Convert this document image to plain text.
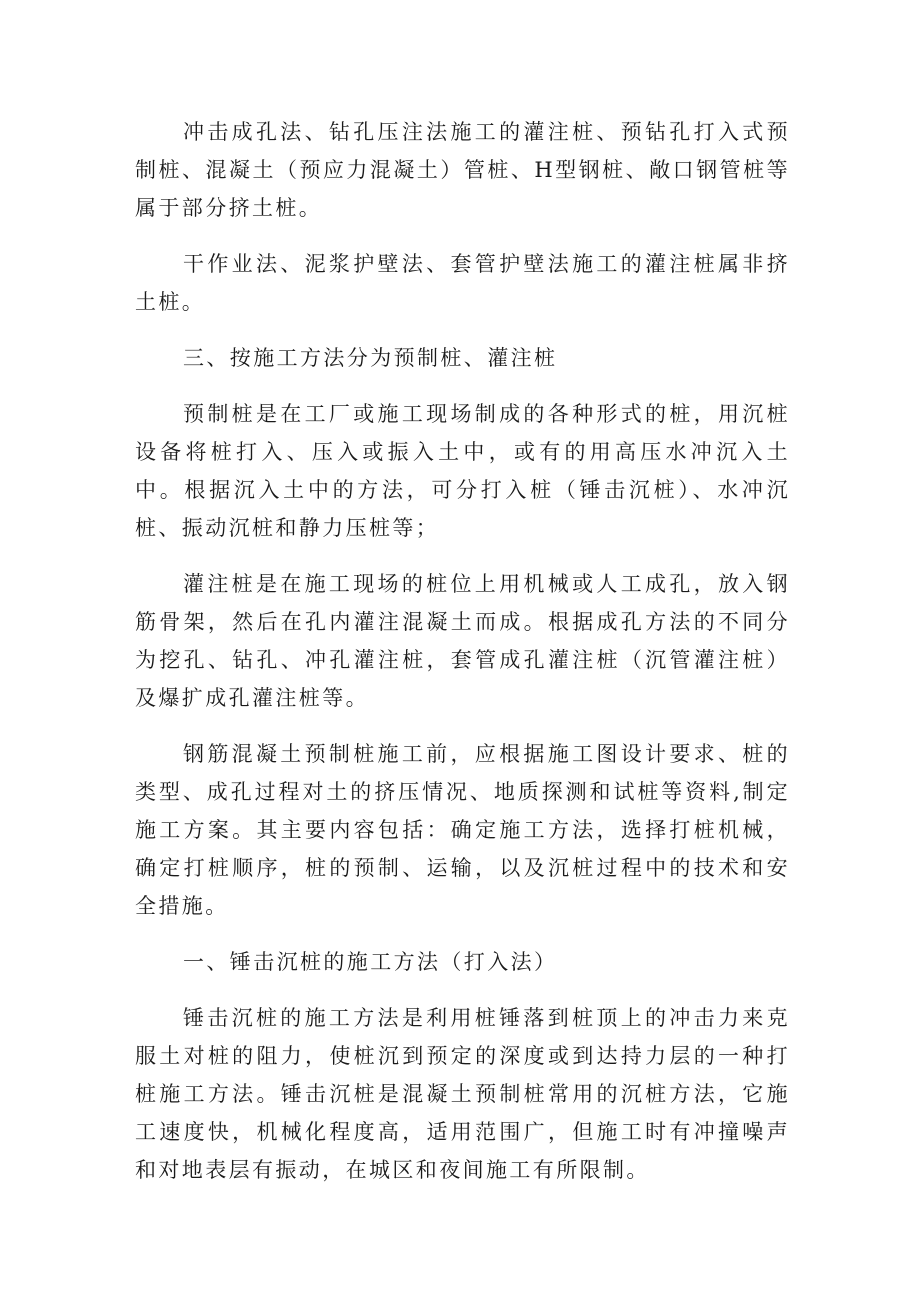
冲击成孔法、钻孔压注法施工的灌注桩、预钻孔打入式预制桩、混凝土（预应力混凝土）管桩、H型钢桩、敞口钢管桩等属于部分挤土桩。

干作业法、泥浆护壁法、套管护壁法施工的灌注桩属非挤土桩。

三、按施工方法分为预制桩、灌注桩

预制桩是在工厂或施工现场制成的各种形式的桩，用沉桩设备将桩打入、压入或振入土中，或有的用高压水冲沉入土中。根据沉入土中的方法，可分打入桩（锤击沉桩）、水冲沉桩、振动沉桩和静力压桩等；

灌注桩是在施工现场的桩位上用机械或人工成孔，放入钢筋骨架，然后在孔内灌注混凝土而成。根据成孔方法的不同分为挖孔、钻孔、冲孔灌注桩，套管成孔灌注桩（沉管灌注桩）及爆扩成孔灌注桩等。

钢筋混凝土预制桩施工前，应根据施工图设计要求、桩的类型、成孔过程对土的挤压情况、地质探测和试桩等资料,制定施工方案。其主要内容包括：确定施工方法，选择打桩机械，确定打桩顺序，桩的预制、运输，以及沉桩过程中的技术和安全措施。

一、锤击沉桩的施工方法（打入法）

锤击沉桩的施工方法是利用桩锤落到桩顶上的冲击力来克服土对桩的阻力，使桩沉到预定的深度或到达持力层的一种打桩施工方法。锤击沉桩是混凝土预制桩常用的沉桩方法，它施工速度快，机械化程度高，适用范围广，但施工时有冲撞噪声和对地表层有振动，在城区和夜间施工有所限制。
